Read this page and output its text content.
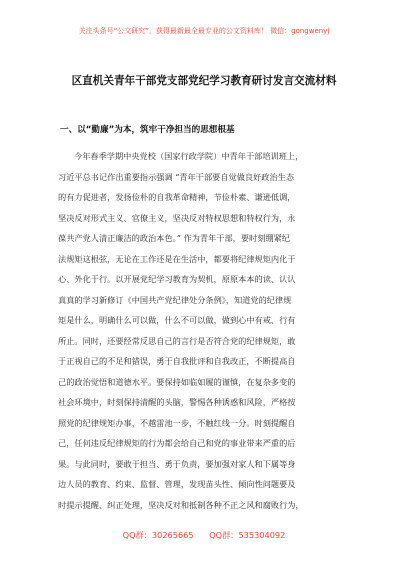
关注头条号“公文研究”，获得最新最全最专业的公文资料库！ 微信：gongwenyj
区直机关青年干部党支部党纪学习教育研讨发言交流材料
一、以“勤廉”为本，筑牢干净担当的思想根基
今年春季学期中央党校（国家行政学院）中青年干部培训班上，
习近平总书记作出重要指示强调 “青年干部要自觉做良好政治生态
的有力促进者，发扬俭朴的自我革命精神，节俭朴素、谦逊低调，
坚决反对形式主义、官僚主义，坚决反对特权思想和特权行为，永
葆共产党人清正廉洁的政治本色。” 作为青年干部，要时刻绷紧纪
法规矩这根弦，无论在工作还是在生活中，都要将纪律规矩内化于
心、外化于行。以开展党纪学习教育为契机，原原本本的读、认认
真真的学习新修订《中国共产党纪律处分条例》，知道党的纪律规
矩是什么，明确什么可以做，什么不可以做，做到心中有戒、行有
所止。同时，还要经常反思自己的言行是否符合党的纪律规矩，敢
于正视自己的不足和错误，勇于自我批评和自我改正，不断提高自
己的政治觉悟和道德水平。要保持如临如履的谨慎，在复杂多变的
社会环境中，时刻保持清醒的头脑，警惕各种诱惑和风险，严格按
照党的纪律规矩办事，不越雷池一步，不触红线一分。时刻提醒自
己，任何违反纪律规矩的行为都会给自己和党的事业带来严重的后
果。与此同时，要敢于担当、勇于负责，要加强对家人和下属等身
边人员的教育、约束、监督、管理，发现苗头性、倾向性问题要及
时提示提醒、纠正处理，坚决反对和抵制各种不正之风和腐败行为，
QQ群：30265665      QQ群：535304092
